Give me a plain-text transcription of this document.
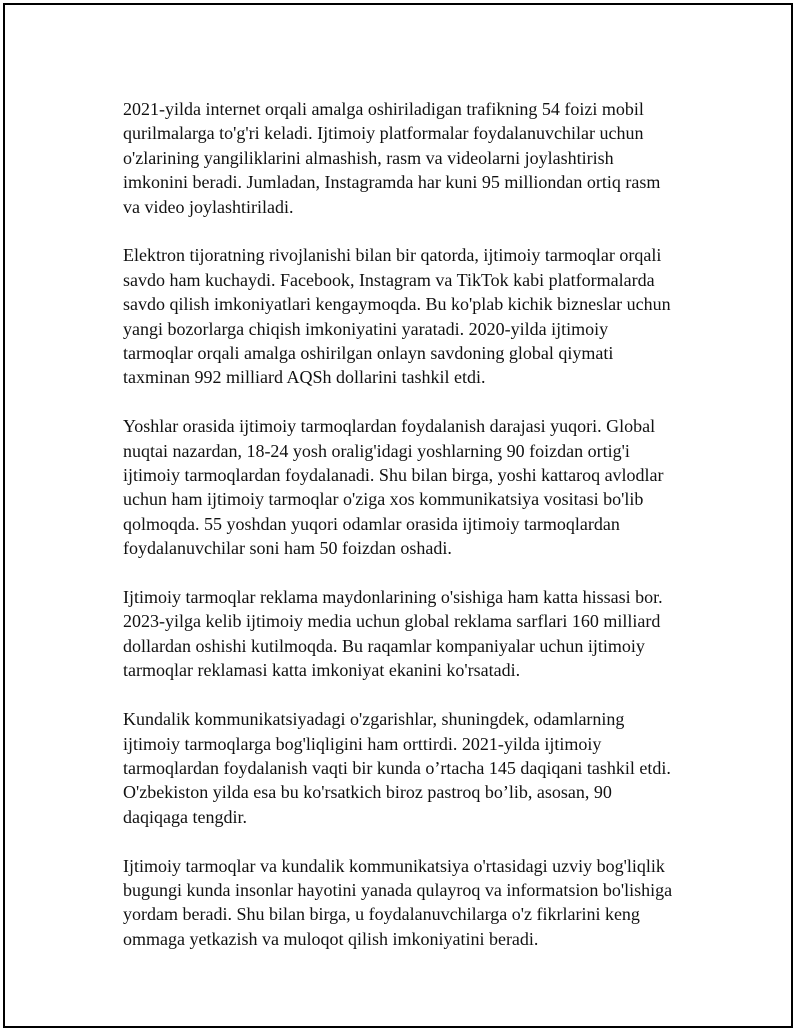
2021-yilda internet orqali amalga oshiriladigan trafikning 54 foizi mobil
qurilmalarga to'g'ri keladi. Ijtimoiy platformalar foydalanuvchilar uchun
o'zlarining yangiliklarini almashish, rasm va videolarni joylashtirish
imkonini beradi. Jumladan, Instagramda har kuni 95 milliondan ortiq rasm
va video joylashtiriladi.

Elektron tijoratning rivojlanishi bilan bir qatorda, ijtimoiy tarmoqlar orqali
savdo ham kuchaydi. Facebook, Instagram va TikTok kabi platformalarda
savdo qilish imkoniyatlari kengaymoqda. Bu ko'plab kichik bizneslar uchun
yangi bozorlarga chiqish imkoniyatini yaratadi. 2020-yilda ijtimoiy
tarmoqlar orqali amalga oshirilgan onlayn savdoning global qiymati
taxminan 992 milliard AQSh dollarini tashkil etdi.

Yoshlar orasida ijtimoiy tarmoqlardan foydalanish darajasi yuqori. Global
nuqtai nazardan, 18-24 yosh oralig'idagi yoshlarning 90 foizdan ortig'i
ijtimoiy tarmoqlardan foydalanadi. Shu bilan birga, yoshi kattaroq avlodlar
uchun ham ijtimoiy tarmoqlar o'ziga xos kommunikatsiya vositasi bo'lib
qolmoqda. 55 yoshdan yuqori odamlar orasida ijtimoiy tarmoqlardan
foydalanuvchilar soni ham 50 foizdan oshadi.

Ijtimoiy tarmoqlar reklama maydonlarining o'sishiga ham katta hissasi bor.
2023-yilga kelib ijtimoiy media uchun global reklama sarflari 160 milliard
dollardan oshishi kutilmoqda. Bu raqamlar kompaniyalar uchun ijtimoiy
tarmoqlar reklamasi katta imkoniyat ekanini ko'rsatadi.

Kundalik kommunikatsiyadagi o'zgarishlar, shuningdek, odamlarning
ijtimoiy tarmoqlarga bog'liqligini ham orttirdi. 2021-yilda ijtimoiy
tarmoqlardan foydalanish vaqti bir kunda o’rtacha 145 daqiqani tashkil etdi.
O'zbekiston yilda esa bu ko'rsatkich biroz pastroq bo’lib, asosan, 90
daqiqaga tengdir.

Ijtimoiy tarmoqlar va kundalik kommunikatsiya o'rtasidagi uzviy bog'liqlik
bugungi kunda insonlar hayotini yanada qulayroq va informatsion bo'lishiga
yordam beradi. Shu bilan birga, u foydalanuvchilarga o'z fikrlarini keng
ommaga yetkazish va muloqot qilish imkoniyatini beradi.
